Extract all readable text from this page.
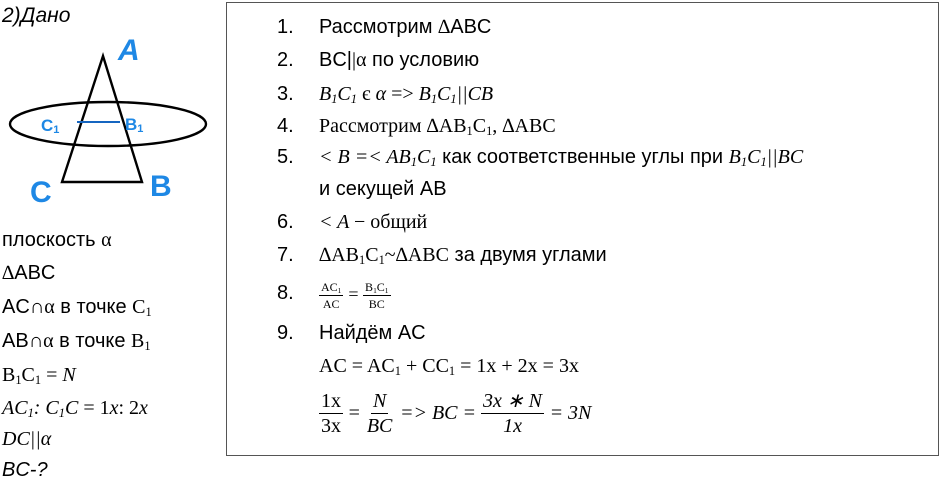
2)Дано
A
C	B
C1	B1
плоскость α
∆ABC
AC∩α в точке $C_1$
AB∩α в точке $B_1$
$B_1C_1 = N$
$AC_1$: $C_1C = 1x$: 2x
DC||α
BC-?
1. Рассмотрим ∆ABC
2. BC||α по условию
3. $B_1C_1$ є $\alpha => B_1C_1||CB$
4. Рассмотрим $\Delta AB_1C_1$, ∆ABC
5. < $B =< AB_1C_1$ как соответственные углы при $B_1C_1||BC$
и секущей AB
6. < A − общий
7. $\Delta AB_1C_1\sim\Delta ABC$ за двумя углами
8.	$\frac{AC_1}{AC} = \frac{B_1C_1}{BC}$
9. Найдём AC
AC = $AC_1 + CC_1 = 1x + 2x = 3x$
$\frac{1x}{3x} = \frac{N}{BC}$ => BC = $\frac{3x ∗ N}{1x} = 3N$
